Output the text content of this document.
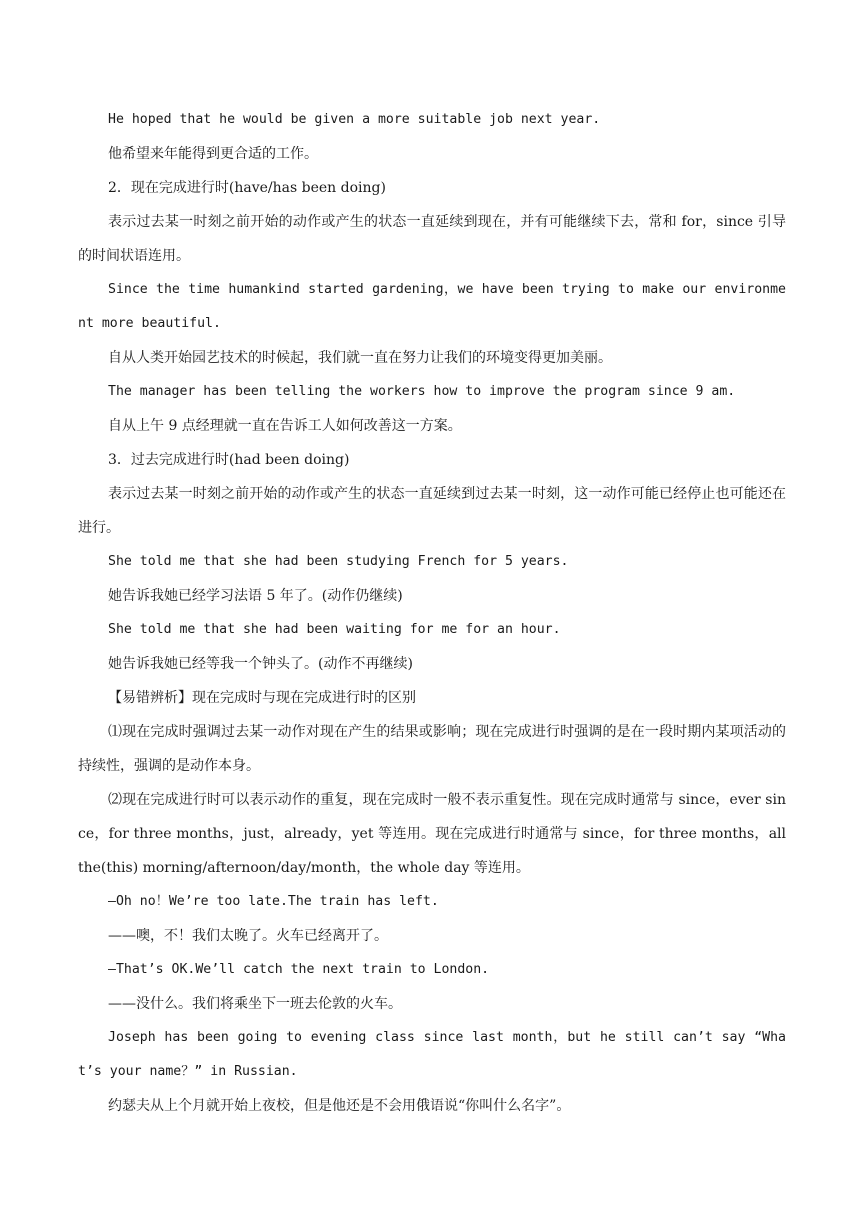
He hoped that he would be given a more suitable job next year.

他希望来年能得到更合适的工作。

2．现在完成进行时(have/has been doing)

表示过去某一时刻之前开始的动作或产生的状态一直延续到现在，并有可能继续下去，常和 for，since 引导的时间状语连用。

Since the time humankind started gardening，we have been trying to make our environment more beautiful.

自从人类开始园艺技术的时候起，我们就一直在努力让我们的环境变得更加美丽。

The manager has been telling the workers how to improve the program since 9 am.

自从上午 9 点经理就一直在告诉工人如何改善这一方案。

3．过去完成进行时(had been doing)

表示过去某一时刻之前开始的动作或产生的状态一直延续到过去某一时刻，这一动作可能已经停止也可能还在进行。

She told me that she had been studying French for 5 years.

她告诉我她已经学习法语 5 年了。(动作仍继续)

She told me that she had been waiting for me for an hour.

她告诉我她已经等我一个钟头了。(动作不再继续)

【易错辨析】现在完成时与现在完成进行时的区别

⑴现在完成时强调过去某一动作对现在产生的结果或影响；现在完成进行时强调的是在一段时期内某项活动的持续性，强调的是动作本身。

⑵现在完成进行时可以表示动作的重复，现在完成时一般不表示重复性。现在完成时通常与 since，ever since，for three months，just，already，yet 等连用。现在完成进行时通常与 since，for three months，all the(this) morning/afternoon/day/month，the whole day 等连用。

—Oh no！We’re too late.The train has left.

——噢，不！我们太晚了。火车已经离开了。

—That’s OK.We’ll catch the next train to London.

——没什么。我们将乘坐下一班去伦敦的火车。

Joseph has been going to evening class since last month，but he still can’t say “What’s your name？” in Russian.

约瑟夫从上个月就开始上夜校，但是他还是不会用俄语说“你叫什么名字”。
